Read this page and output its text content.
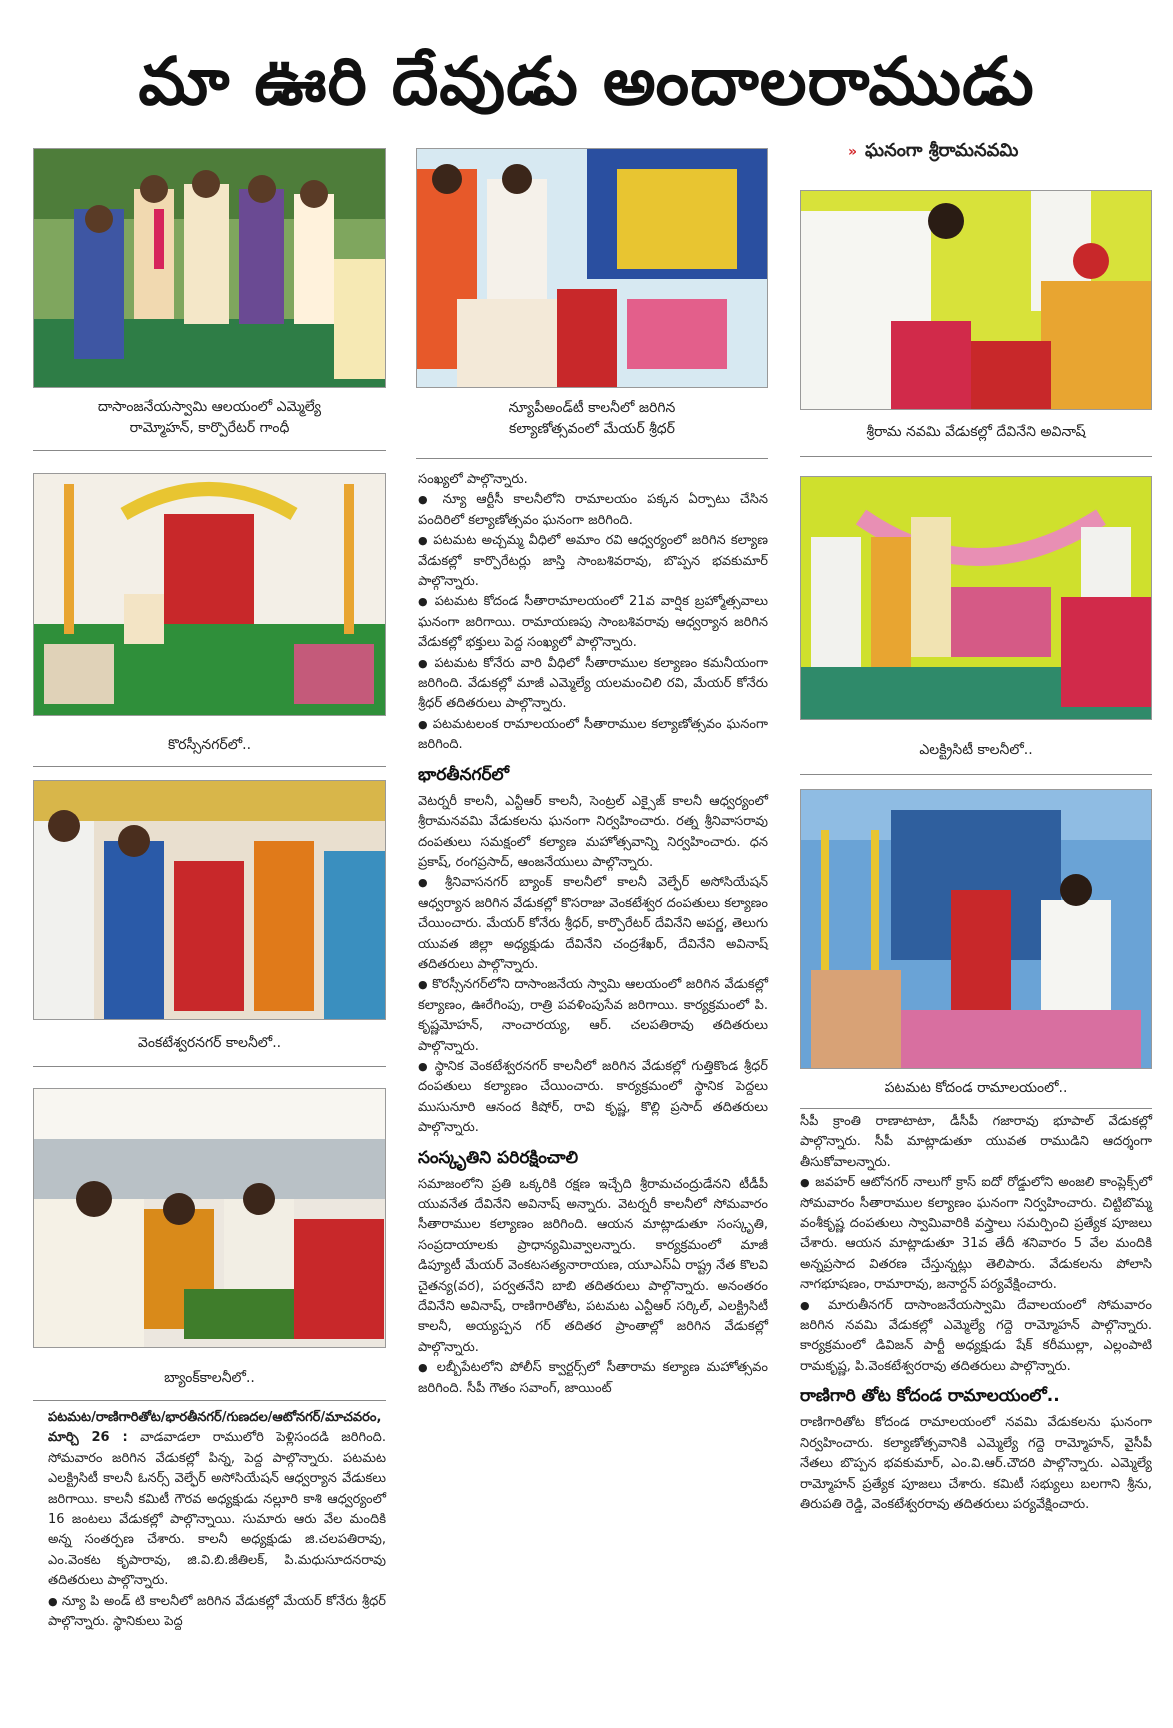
మా ఊరి దేవుడు అందాలరాముడు
దాసాంజనేయస్వామి ఆలయంలో ఎమ్మెల్యే
రామ్మోహన్, కార్పొరేటర్ గాంధీ
కొరస్సీనగర్‌లో..
వెంకటేశ్వరనగర్ కాలనీలో..
బ్యాంక్‌కాలనీలో..

పటమట/రాణిగారితోట/భారతీనగర్/గుణదల/ఆటోనగర్/మాచవరం, మార్చి 26 : వాడవాడలా రాములోరి పెళ్లిసందడి జరిగింది. సోమవారం జరిగిన వేడుకల్లో పిన్న, పెద్ద పాల్గొన్నారు. పటమట ఎలక్ట్రిసిటీ కాలనీ ఓనర్స్ వెల్ఫేర్ అసోసియేషన్ ఆధ్వర్యాన వేడుకలు జరిగాయి. కాలనీ కమిటీ గౌరవ అధ్యక్షుడు నల్లూరి కాశి ఆధ్వర్యంలో 16 జంటలు వేడుకల్లో పాల్గొన్నాయి. సుమారు ఆరు వేల మందికి అన్న సంతర్పణ చేశారు. కాలనీ అధ్యక్షుడు జి.చలపతిరావు, ఎం.వెంకట కృపారావు, జి.వి.బి.జీతిలక్, పి.మధుసూదనరావు తదితరులు పాల్గొన్నారు.

● న్యూ పి అండ్ టి కాలనీలో జరిగిన వేడుకల్లో మేయర్ కోనేరు శ్రీధర్ పాల్గొన్నారు. స్థానికులు పెద్ద

న్యూపీఅండ్‌టీ కాలనీలో జరిగిన
కల్యాణోత్సవంలో మేయర్ శ్రీధర్

సంఖ్యలో పాల్గొన్నారు.

● న్యూ ఆర్టీసీ కాలనీలోని రామాలయం పక్కన ఏర్పాటు చేసిన పందిరిలో కల్యాణోత్సవం ఘనంగా జరిగింది.

● పటమట అచ్చమ్మ వీధిలో అమాం రవి ఆధ్వర్యంలో జరిగిన కల్యాణ వేడుకల్లో కార్పొరేటర్లు జాస్తి సాంబశివరావు, బొప్పన భవకుమార్ పాల్గొన్నారు.

● పటమట కోదండ సీతారామాలయంలో 21వ వార్షిక బ్రహ్మోత్సవాలు ఘనంగా జరిగాయి. రామాయణపు సాంబశివరావు ఆధ్వర్యాన జరిగిన వేడుకల్లో భక్తులు పెద్ద సంఖ్యలో పాల్గొన్నారు.

● పటమట కోనేరు వారి వీధిలో సీతారాముల కల్యాణం కమనీయంగా జరిగింది. వేడుకల్లో మాజీ ఎమ్మెల్యే యలమంచిలి రవి, మేయర్ కోనేరు శ్రీధర్ తదితరులు పాల్గొన్నారు.

● పటమటలంక రామాలయంలో సీతారాముల కల్యాణోత్సవం ఘనంగా జరిగింది.

భారతీనగర్‌లో

వెటర్నరీ కాలనీ, ఎన్టీఆర్ కాలనీ, సెంట్రల్ ఎక్సైజ్ కాలనీ ఆధ్వర్యంలో శ్రీరామనవమి వేడుకలను ఘనంగా నిర్వహించారు. రత్న శ్రీనివాసరావు దంపతులు సమక్షంలో కల్యాణ మహోత్సవాన్ని నిర్వహించారు. ధన ప్రకాష్, రంగప్రసాద్, ఆంజనేయులు పాల్గొన్నారు.

● శ్రీనివాసనగర్ బ్యాంక్ కాలనీలో కాలనీ వెల్ఫేర్ అసోసియేషన్ ఆధ్వర్యాన జరిగిన వేడుకల్లో కొసరాజు వెంకటేశ్వర దంపతులు కల్యాణం చేయించారు. మేయర్ కోనేరు శ్రీధర్, కార్పొరేటర్ దేవినేని అపర్ణ, తెలుగు యువత జిల్లా అధ్యక్షుడు దేవినేని చంద్రశేఖర్, దేవినేని అవినాష్ తదితరులు పాల్గొన్నారు.

● కొరస్సీనగర్‌లోని దాసాంజనేయ స్వామి ఆలయంలో జరిగిన వేడుకల్లో కల్యాణం, ఊరేగింపు, రాత్రి పవళింపుసేవ జరిగాయి. కార్యక్రమంలో పి. కృష్ణమోహన్, నాంచారయ్య, ఆర్. చలపతిరావు తదితరులు పాల్గొన్నారు.

● స్థానిక వెంకటేశ్వరనగర్ కాలనీలో జరిగిన వేడుకల్లో గుత్తికొండ శ్రీధర్ దంపతులు కల్యాణం చేయించారు. కార్యక్రమంలో స్థానిక పెద్దలు ముసునూరి ఆనంద కిషోర్, రావి కృష్ణ, కొల్లి ప్రసాద్ తదితరులు పాల్గొన్నారు.

సంస్కృతిని పరిరక్షించాలి

సమాజంలోని ప్రతి ఒక్కరికి రక్షణ ఇచ్చేది శ్రీరామచంద్రుడేనని టీడీపీ యువనేత దేవినేని అవినాష్ అన్నారు. వెటర్నరీ కాలనీలో సోమవారం సీతారాముల కల్యాణం జరిగింది. ఆయన మాట్లాడుతూ సంస్కృతి, సంప్రదాయాలకు ప్రాధాన్యమివ్వాలన్నారు. కార్యక్రమంలో మాజీ డిప్యూటీ మేయర్ వెంకటసత్యనారాయణ, యూఎస్‌ఏ రాష్ట్ర నేత కొలవి చైతన్య(వర), పర్వతనేని బాబి తదితరులు పాల్గొన్నారు. అనంతరం దేవినేని అవినాష్, రాణిగారితోట, పటమట ఎన్టీఆర్ సర్కిల్, ఎలక్ట్రిసిటీ కాలనీ, అయ్యప్పన గర్ తదితర ప్రాంతాల్లో జరిగిన వేడుకల్లో పాల్గొన్నారు.

● లబ్బీపేటలోని పోలీస్ క్వార్టర్స్‌లో సీతారామ కల్యాణ మహోత్సవం జరిగింది. సీపీ గౌతం సవాంగ్, జాయింట్

» ఘనంగా శ్రీరామనవమి
శ్రీరామ నవమి వేడుకల్లో దేవినేని అవినాష్
ఎలక్ట్రిసిటీ కాలనీలో..
పటమట కోదండ రామాలయంలో..

సీపీ క్రాంతి రాణాటాటా, డీసీపీ గజారావు భూపాల్ వేడుకల్లో పాల్గొన్నారు. సీపీ మాట్లాడుతూ యువత రాముడిని ఆదర్శంగా తీసుకోవాలన్నారు.

● జవహర్ ఆటోనగర్ నాలుగో క్రాస్ ఐదో రోడ్డులోని అంజలి కాంప్లెక్స్‌లో సోమవారం సీతారాముల కల్యాణం ఘనంగా నిర్వహించారు. చిట్టిబొమ్మ వంశీకృష్ణ దంపతులు స్వామివారికి వస్త్రాలు సమర్పించి ప్రత్యేక పూజలు చేశారు. ఆయన మాట్లాడుతూ 31వ తేదీ శనివారం 5 వేల మందికి అన్నప్రసాద వితరణ చేస్తున్నట్లు తెలిపారు. వేడుకలను పోలాసి నాగభూషణం, రామారావు, జనార్దన్ పర్యవేక్షించారు.

● మారుతీనగర్ దాసాంజనేయస్వామి దేవాలయంలో సోమవారం జరిగిన నవమి వేడుకల్లో ఎమ్మెల్యే గద్దె రామ్మోహన్ పాల్గొన్నారు. కార్యక్రమంలో డివిజన్ పార్టీ అధ్యక్షుడు షేక్ కరీముల్లా, ఎల్లంపాటి రామకృష్ణ, పి.వెంకటేశ్వరరావు తదితరులు పాల్గొన్నారు.

రాణిగారి తోట కోదండ రామాలయంలో..

రాణిగారితోట కోదండ రామాలయంలో నవమి వేడుకలను ఘనంగా నిర్వహించారు. కల్యాణోత్సవానికి ఎమ్మెల్యే గద్దె రామ్మోహన్, వైసీపీ నేతలు బొప్పన భవకుమార్, ఎం.వి.ఆర్.చౌదరి పాల్గొన్నారు. ఎమ్మెల్యే రామ్మోహన్ ప్రత్యేక పూజలు చేశారు. కమిటీ సభ్యులు బలగాని శ్రీను, తిరుపతి రెడ్డి, వెంకటేశ్వరరావు తదితరులు పర్యవేక్షించారు.
